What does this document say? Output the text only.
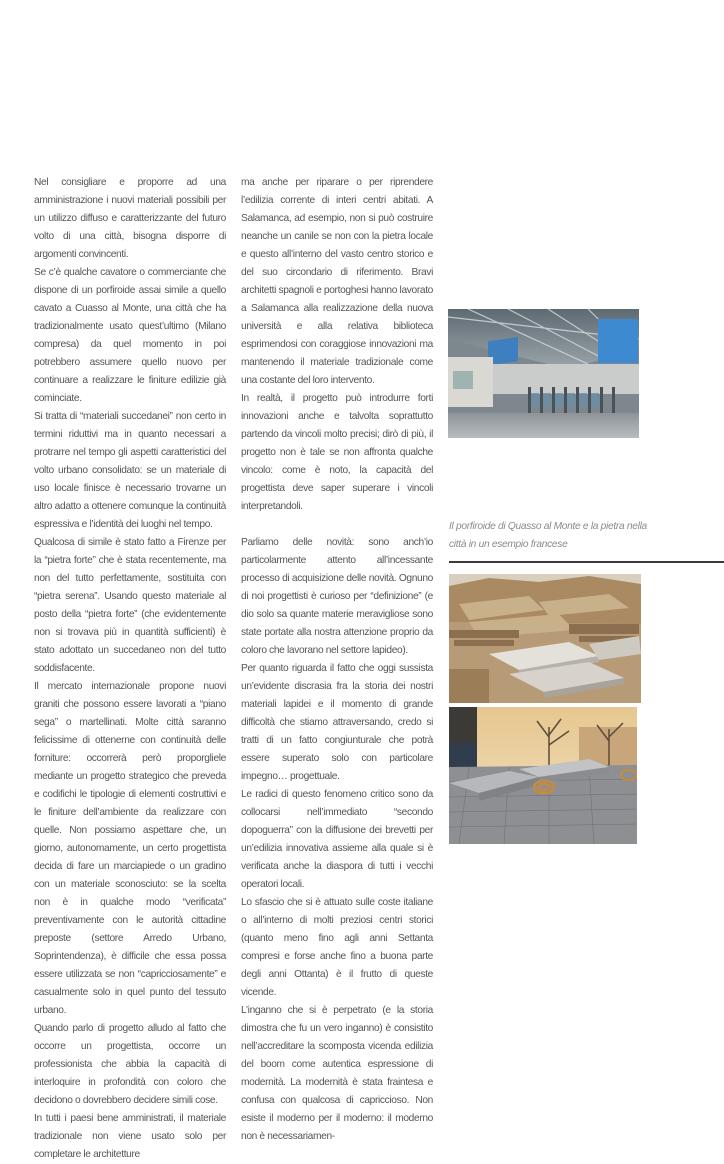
Nel consigliare e proporre ad una amministrazione i nuovi materiali possibili per un utilizzo diffuso e caratterizzante del futuro volto di una città, bisogna disporre di argomenti convincenti.

Se c’è qualche cavatore o commerciante che dispone di un porfiroide assai simile a quello cavato a Cuasso al Monte, una città che ha tradizionalmente usato quest’ultimo (Milano compresa) da quel momento in poi potrebbero assumere quello nuovo per continuare a realizzare le finiture edilizie già cominciate.

Si tratta di “materiali succedanei” non certo in termini riduttivi ma in quanto necessari a protrarre nel tempo gli aspetti caratteristici del volto urbano consolidato: se un materiale di uso locale finisce è necessario trovarne un altro adatto a ottenere comunque la continuità espressiva e l’identità dei luoghi nel tempo.

Qualcosa di simile è stato fatto a Firenze per la “pietra forte” che è stata recentemente, ma non del tutto perfettamente, sostituita con “pietra serena”. Usando questo materiale al posto della “pietra forte” (che evidentemente non si trovava più in quantità sufficienti) è stato adottato un succedaneo non del tutto soddisfacente.

Il mercato internazionale propone nuovi graniti che possono essere lavorati a “piano sega” o martellinati. Molte città saranno felicissime di ottenerne con continuità delle forniture: occorrerà però proporgliele mediante un progetto strategico che preveda e codifichi le tipologie di elementi costruttivi e le finiture dell’ambiente da realizzare con quelle. Non possiamo aspettare che, un giorno, autonomamente, un certo progettista decida di fare un marciapiede o un gradino con un materiale sconosciuto: se la scelta non è in qualche modo “verificata” preventivamente con le autorità cittadine preposte (settore Arredo Urbano, Soprintendenza), è difficile che essa possa essere utilizzata se non “capricciosamente” e casualmente solo in quel punto del tessuto urbano.

Quando parlo di progetto alludo al fatto che occorre un progettista, occorre un professionista che abbia la capacità di interloquire in profondità con coloro che decidono o dovrebbero decidere simili cose.

In tutti i paesi bene amministrati, il materiale tradizionale non viene usato solo per completare le architetture

ma anche per riparare o per riprendere l’edilizia corrente di interi centri abitati. A Salamanca, ad esempio, non si può costruire neanche un canile se non con la pietra locale e questo all’interno del vasto centro storico e del suo circondario di riferimento. Bravi architetti spagnoli e portoghesi hanno lavorato a Salamanca alla realizzazione della nuova università e alla relativa biblioteca esprimendosi con coraggiose innovazioni ma mantenendo il materiale tradizionale come una costante del loro intervento.

In realtà, il progetto può introdurre forti innovazioni anche e talvolta soprattutto partendo da vincoli molto precisi; dirò di più, il progetto non è tale se non affronta qualche vincolo: come è noto, la capacità del progettista deve saper superare i vincoli interpretandoli.

Parliamo delle novità: sono anch’io particolarmente attento all’incessante processo di acquisizione delle novità. Ognuno di noi progettisti è curioso per “definizione” (e dio solo sa quante materie meravigliose sono state portate alla nostra attenzione proprio da coloro che lavorano nel settore lapideo).

Per quanto riguarda il fatto che oggi sussista un’evidente discrasia fra la storia dei nostri materiali lapidei e il momento di grande difficoltà che stiamo attraversando, credo si tratti di un fatto congiunturale che potrà essere superato solo con particolare impegno… progettuale.

Le radici di questo fenomeno critico sono da collocarsi nell’immediato “secondo dopoguerra” con la diffusione dei brevetti per un’edilizia innovativa assieme alla quale si è verificata anche la diaspora di tutti i vecchi operatori locali.

Lo sfascio che si è attuato sulle coste italiane o all’interno di molti preziosi centri storici (quanto meno fino agli anni Settanta compresi e forse anche fino a buona parte degli anni Ottanta) è il frutto di queste vicende.

L’inganno che si è perpetrato (e la storia dimostra che fu un vero inganno) è consistito nell’accreditare la scomposta vicenda edilizia del boom come autentica espressione di modernità. La modernità è stata fraintesa e confusa con qualcosa di capriccioso. Non esiste il moderno per il moderno: il moderno non è necessariamen-

Il porfiroide di Quasso al Monte e la pietra nella città in un esempio francese
